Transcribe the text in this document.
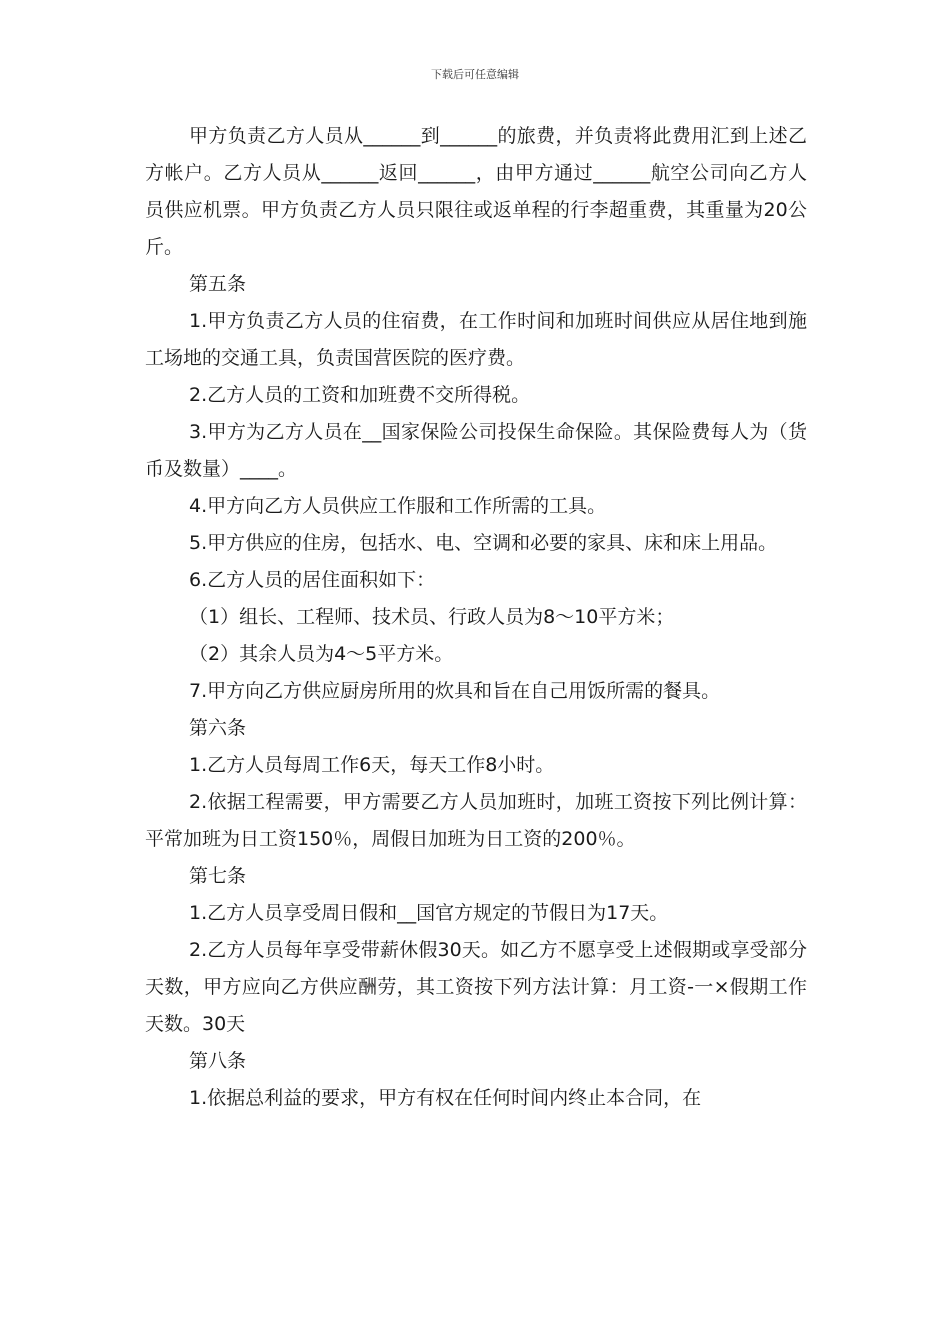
下载后可任意编辑

甲方负责乙方人员从______到______的旅费，并负责将此费用汇到上述乙方帐户。乙方人员从______返回______，由甲方通过______航空公司向乙方人员供应机票。甲方负责乙方人员只限往或返单程的行李超重费，其重量为20公斤。

第五条

1.甲方负责乙方人员的住宿费，在工作时间和加班时间供应从居住地到施工场地的交通工具，负责国营医院的医疗费。

2.乙方人员的工资和加班费不交所得税。

3.甲方为乙方人员在__国家保险公司投保生命保险。其保险费每人为（货币及数量）____。

4.甲方向乙方人员供应工作服和工作所需的工具。

5.甲方供应的住房，包括水、电、空调和必要的家具、床和床上用品。

6.乙方人员的居住面积如下：

（1）组长、工程师、技术员、行政人员为8～10平方米；

（2）其余人员为4～5平方米。

7.甲方向乙方供应厨房所用的炊具和旨在自己用饭所需的餐具。

第六条

1.乙方人员每周工作6天，每天工作8小时。

2.依据工程需要，甲方需要乙方人员加班时，加班工资按下列比例计算：平常加班为日工资150％，周假日加班为日工资的200％。

第七条

1.乙方人员享受周日假和__国官方规定的节假日为17天。

2.乙方人员每年享受带薪休假30天。如乙方不愿享受上述假期或享受部分天数，甲方应向乙方供应酬劳，其工资按下列方法计算：月工资-一×假期工作天数。30天

第八条

1.依据总利益的要求，甲方有权在任何时间内终止本合同，在
